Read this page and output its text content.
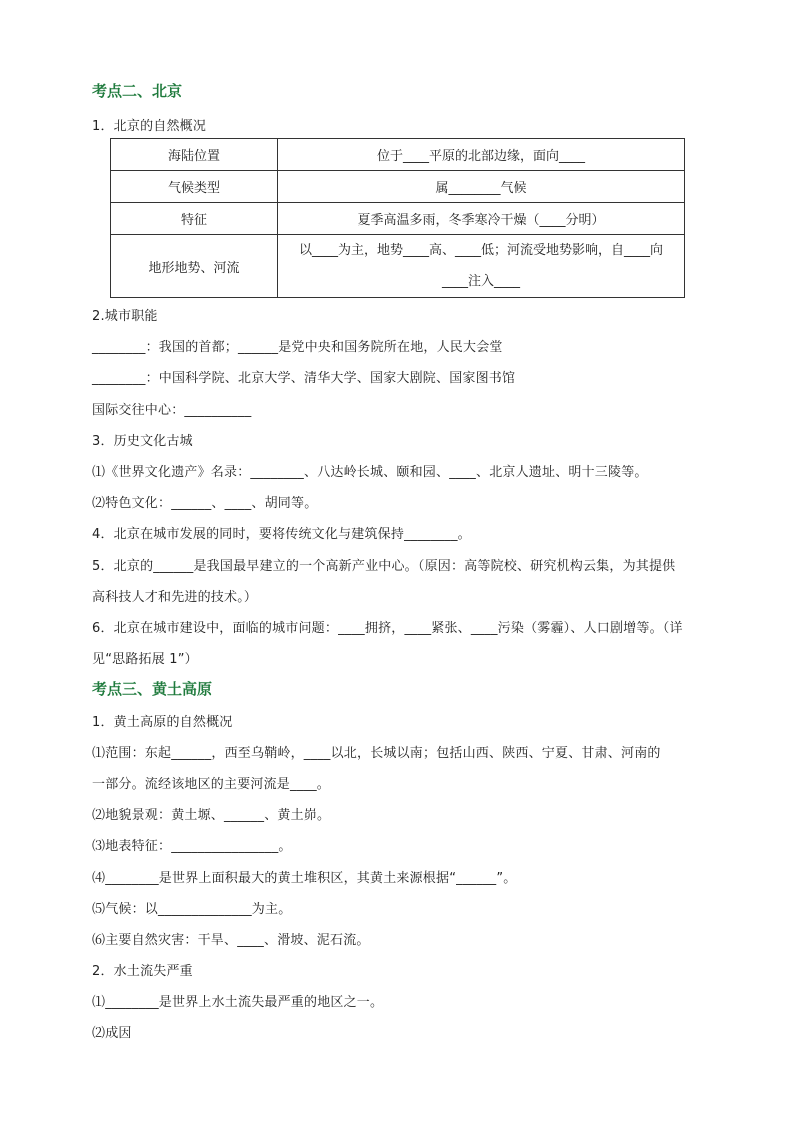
考点二、北京
1．北京的自然概况
海陆位置	位于____平原的北部边缘，面向____
气候类型	属________气候
特征	夏季高温多雨，冬季寒冷干燥（____分明）
地形地势、河流	以____为主，地势____高、____低；河流受地势影响，自____向
____注入____
2.城市职能
________：我国的首都；______是党中央和国务院所在地，人民大会堂
________：中国科学院、北京大学、清华大学、国家大剧院、国家图书馆
国际交往中心：__________
3．历史文化古城
⑴《世界文化遗产》名录：________、八达岭长城、颐和园、____、北京人遗址、明十三陵等。
⑵特色文化：______、____、胡同等。
4．北京在城市发展的同时，要将传统文化与建筑保持________。
5．北京的______是我国最早建立的一个高新产业中心。（原因：高等院校、研究机构云集，为其提供
高科技人才和先进的技术。）
6．北京在城市建设中，面临的城市问题：____拥挤，____紧张、____污染（雾霾）、人口剧增等。（详
见“思路拓展 1”）
考点三、黄土高原
1．黄土高原的自然概况
⑴范围：东起______，西至乌鞘岭，____以北，长城以南；包括山西、陕西、宁夏、甘肃、河南的
一部分。流经该地区的主要河流是____。
⑵地貌景观：黄土塬、______、黄土峁。
⑶地表特征：________________。
⑷________是世界上面积最大的黄土堆积区，其黄土来源根据“______”。
⑸气候：以______________为主。
⑹主要自然灾害：干旱、____、滑坡、泥石流。
2．水土流失严重
⑴________是世界上水土流失最严重的地区之一。
⑵成因
